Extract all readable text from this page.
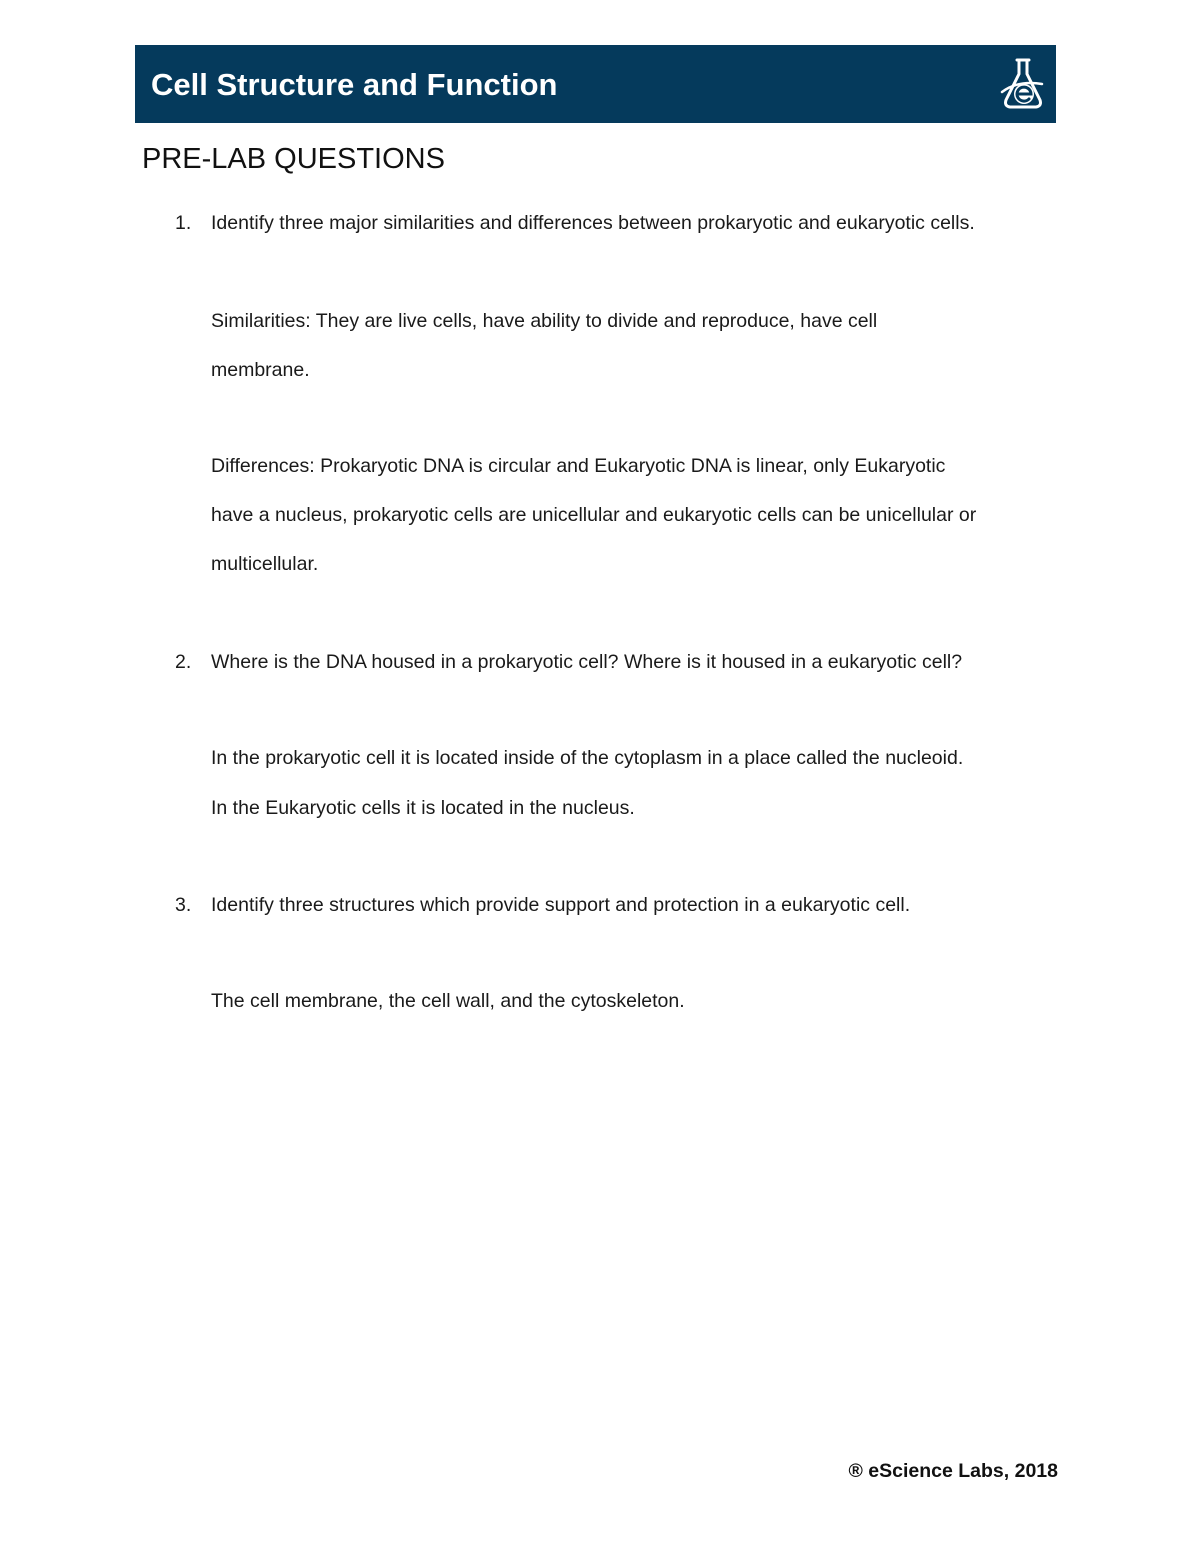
Cell Structure and Function
PRE-LAB QUESTIONS
1. Identify three major similarities and differences between prokaryotic and eukaryotic cells.
Similarities: They are live cells, have ability to divide and reproduce, have cell
membrane.
Differences: Prokaryotic DNA is circular and Eukaryotic DNA is linear, only Eukaryotic
have a nucleus, prokaryotic cells are unicellular and eukaryotic cells can be unicellular or
multicellular.
2. Where is the DNA housed in a prokaryotic cell? Where is it housed in a eukaryotic cell?
In the prokaryotic cell it is located inside of the cytoplasm in a place called the nucleoid.
In the Eukaryotic cells it is located in the nucleus.
3. Identify three structures which provide support and protection in a eukaryotic cell.
The cell membrane, the cell wall, and the cytoskeleton.
® eScience Labs, 2018
